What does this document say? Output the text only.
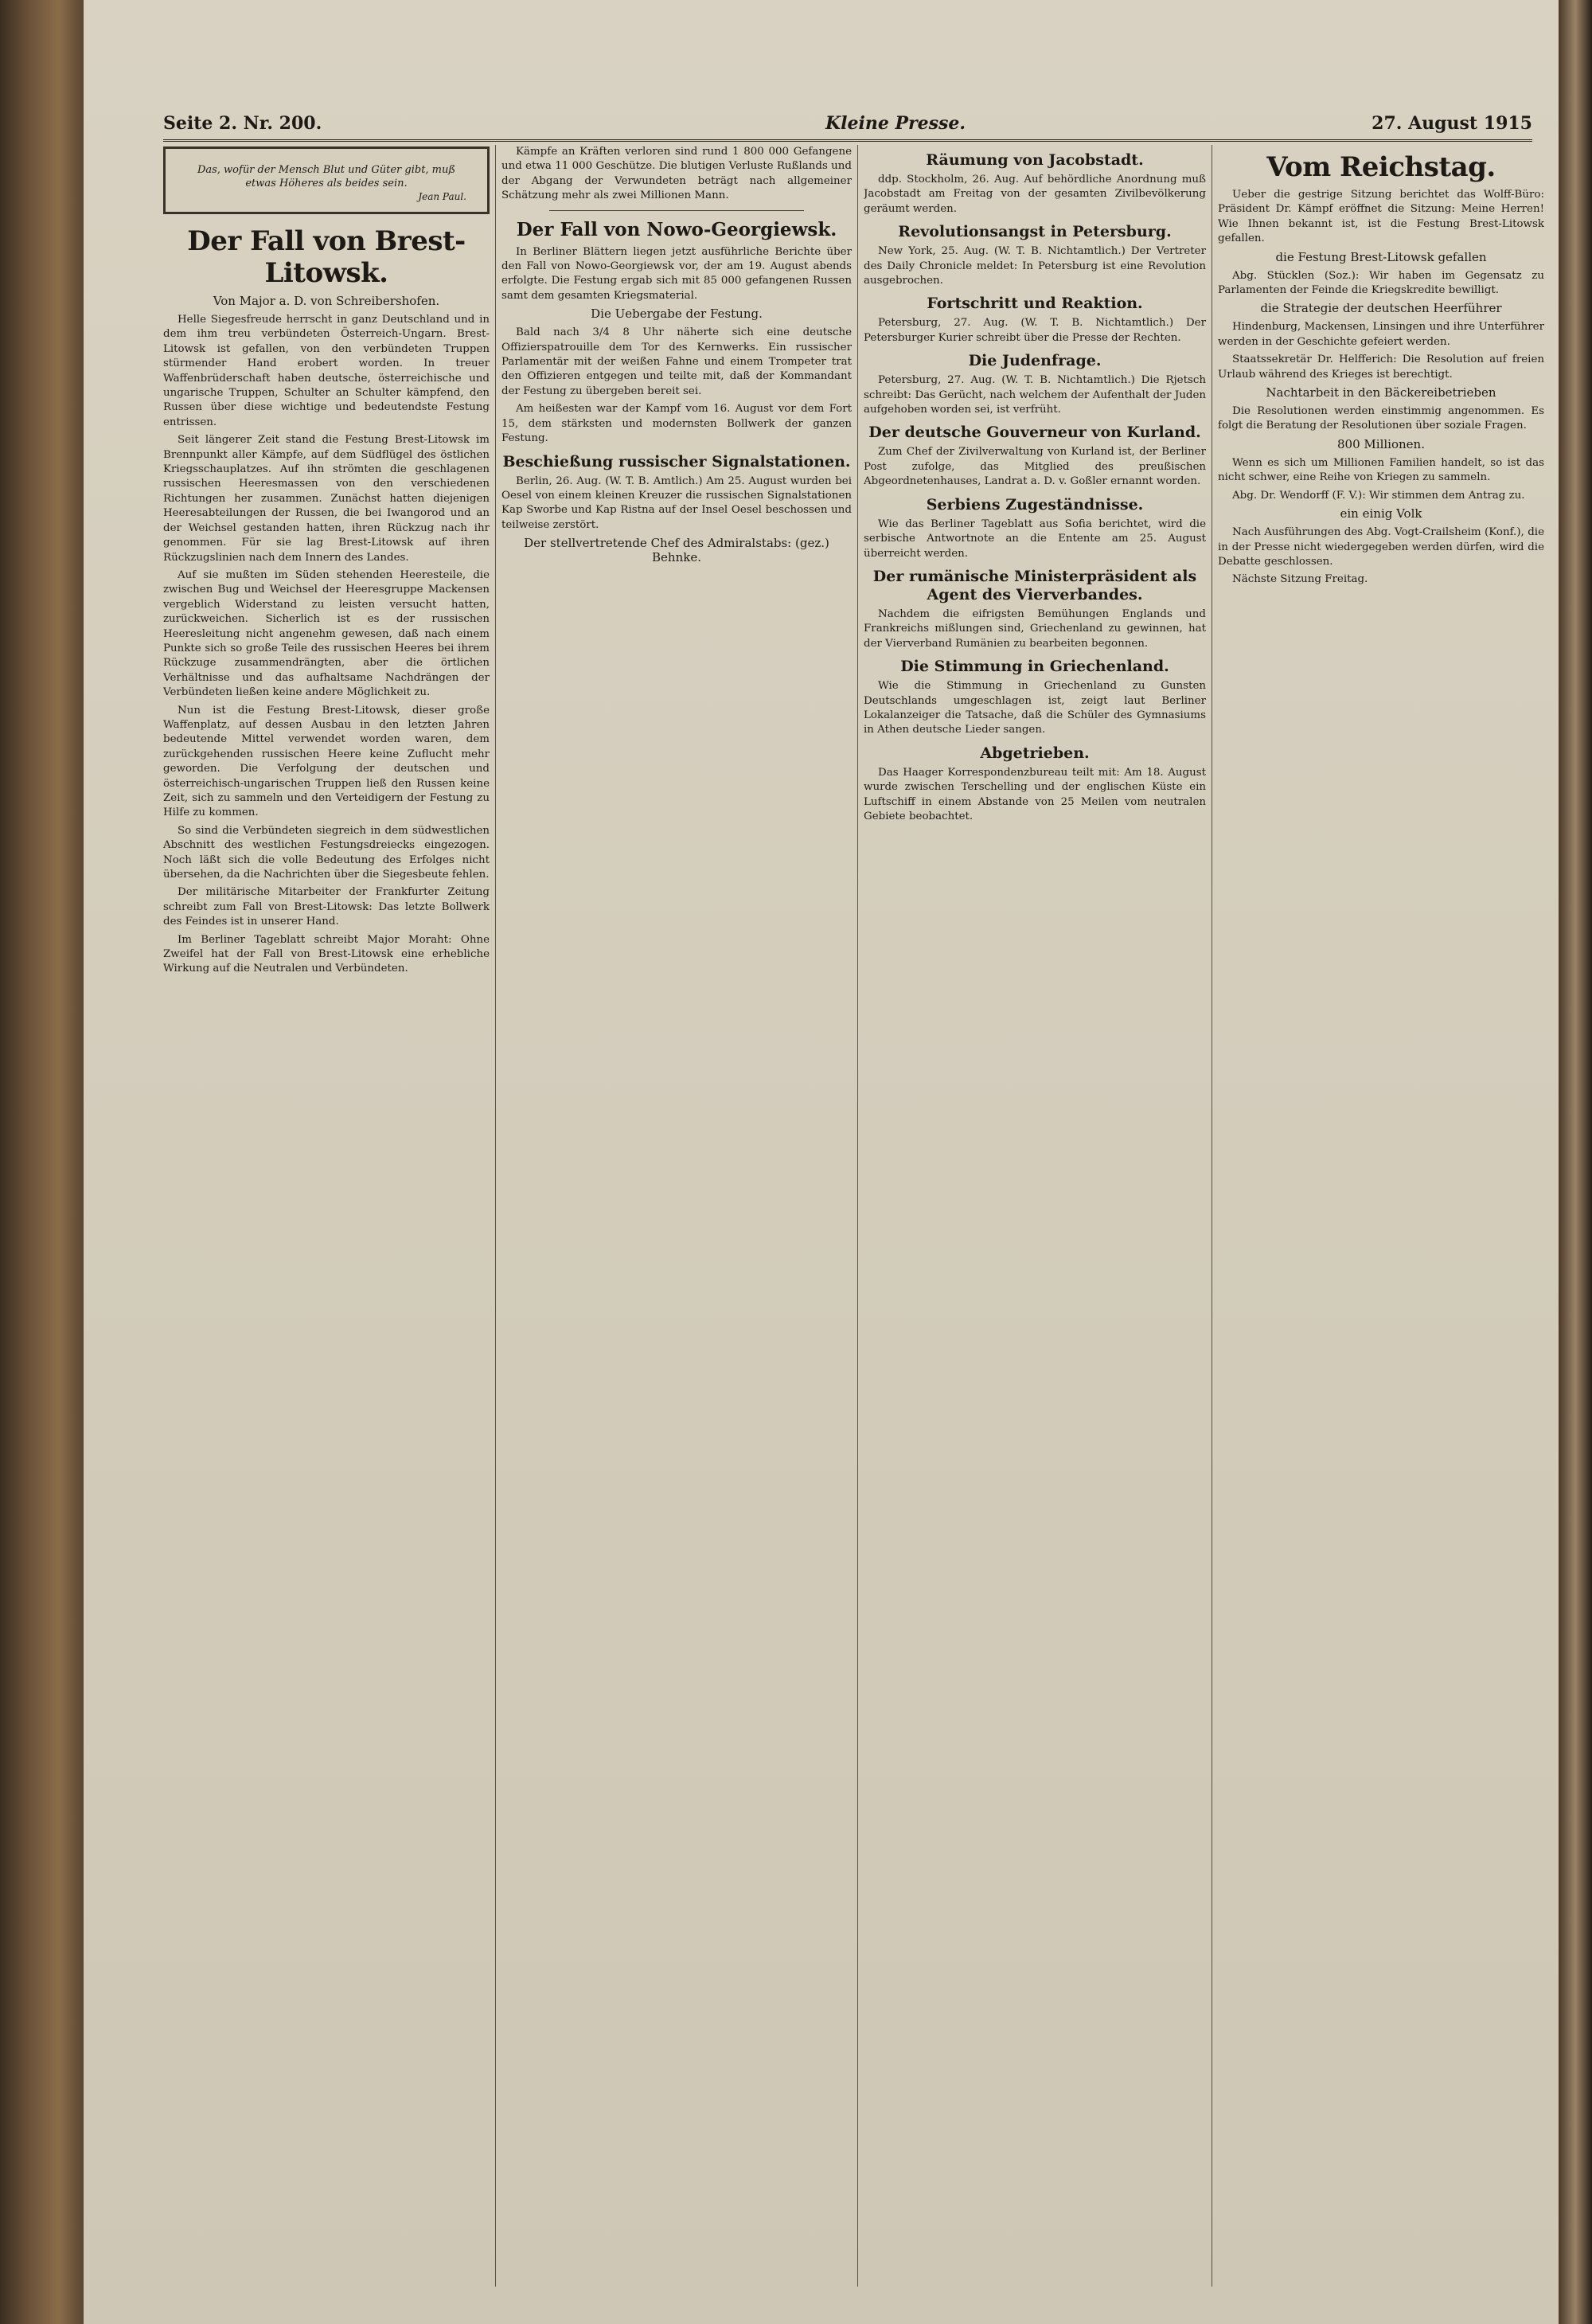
Seite 2. Nr. 200.	Kleine Presse.	27. August 1915
Das, wofür der Mensch Blut und Güter gibt, muß etwas Höheres als beides sein.
Jean Paul.
Der Fall von Brest-Litowsk.
Von Major a. D. von Schreibershofen.

Helle Siegesfreude herrscht in ganz Deutschland und in dem ihm treu verbündeten Österreich-Ungarn. Brest-Litowsk ist gefallen, von den verbündeten Truppen stürmender Hand erobert worden. In treuer Waffenbrüderschaft haben deutsche, österreichische und ungarische Truppen, Schulter an Schulter kämpfend, den Russen über diese wichtige und bedeutendste Festung entrissen.

Seit längerer Zeit stand die Festung Brest-Litowsk im Brennpunkt aller Kämpfe, auf dem Südflügel des östlichen Kriegsschauplatzes. Auf ihn strömten die geschlagenen russischen Heeresmassen von den verschiedenen Richtungen her zusammen. Zunächst hatten diejenigen Heeresabteilungen der Russen, die bei Iwangorod und an der Weichsel gestanden hatten, ihren Rückzug nach ihr genommen. Für sie lag Brest-Litowsk auf ihren Rückzugslinien nach dem Innern des Landes.

Auf sie mußten im Süden stehenden Heeresteile, die zwischen Bug und Weichsel der Heeresgruppe Mackensen vergeblich Widerstand zu leisten versucht hatten, zurückweichen. Sicherlich ist es der russischen Heeresleitung nicht angenehm gewesen, daß nach einem Punkte sich so große Teile des russischen Heeres bei ihrem Rückzuge zusammendrängten, aber die örtlichen Verhältnisse und das aufhaltsame Nachdrängen der Verbündeten ließen keine andere Möglichkeit zu.

Nun ist die Festung Brest-Litowsk, dieser große Waffenplatz, auf dessen Ausbau in den letzten Jahren bedeutende Mittel verwendet worden waren, dem zurückgehenden russischen Heere keine Zuflucht mehr geworden. Die Verfolgung der deutschen und österreichisch-ungarischen Truppen ließ den Russen keine Zeit, sich zu sammeln und den Verteidigern der Festung zu Hilfe zu kommen.

So sind die Verbündeten siegreich in dem südwestlichen Abschnitt des westlichen Festungsdreiecks eingezogen. Noch läßt sich die volle Bedeutung des Erfolges nicht übersehen, da die Nachrichten über die Siegesbeute fehlen.

Der militärische Mitarbeiter der Frankfurter Zeitung schreibt zum Fall von Brest-Litowsk: Das letzte Bollwerk des Feindes ist in unserer Hand.

Im Berliner Tageblatt schreibt Major Moraht: Ohne Zweifel hat der Fall von Brest-Litowsk eine erhebliche Wirkung auf die Neutralen und Verbündeten.

Kämpfe an Kräften verloren sind rund 1 800 000 Gefangene und etwa 11 000 Geschütze. Die blutigen Verluste Rußlands und der Abgang der Verwundeten beträgt nach allgemeiner Schätzung mehr als zwei Millionen Mann.

Der Fall von Nowo-Georgiewsk.

In Berliner Blättern liegen jetzt ausführliche Berichte über den Fall von Nowo-Georgiewsk vor, der am 19. August abends erfolgte. Die Festung ergab sich mit 85 000 gefangenen Russen samt dem gesamten Kriegsmaterial.

Die Uebergabe der Festung.

Bald nach 3/4 8 Uhr näherte sich eine deutsche Offizierspatrouille dem Tor des Kernwerks. Ein russischer Parlamentär mit der weißen Fahne und einem Trompeter trat den Offizieren entgegen und teilte mit, daß der Kommandant der Festung zu übergeben bereit sei.

Am heißesten war der Kampf vom 16. August vor dem Fort 15, dem stärksten und modernsten Bollwerk der ganzen Festung.

Beschießung russischer Signalstationen.

Berlin, 26. Aug. (W. T. B. Amtlich.) Am 25. August wurden bei Oesel von einem kleinen Kreuzer die russischen Signalstationen Kap Sworbe und Kap Ristna auf der Insel Oesel beschossen und teilweise zerstört.

Der stellvertretende Chef des Admiralstabs: (gez.) Behnke.
Räumung von Jacobstadt.

ddp. Stockholm, 26. Aug. Auf behördliche Anordnung muß Jacobstadt am Freitag von der gesamten Zivilbevölkerung geräumt werden.

Revolutionsangst in Petersburg.

New York, 25. Aug. (W. T. B. Nichtamtlich.) Der Vertreter des Daily Chronicle meldet: In Petersburg ist eine Revolution ausgebrochen.

Fortschritt und Reaktion.

Petersburg, 27. Aug. (W. T. B. Nichtamtlich.) Der Petersburger Kurier schreibt über die Presse der Rechten.

Die Judenfrage.

Petersburg, 27. Aug. (W. T. B. Nichtamtlich.) Die Rjetsch schreibt: Das Gerücht, nach welchem der Aufenthalt der Juden aufgehoben worden sei, ist verfrüht.

Der deutsche Gouverneur von Kurland.

Zum Chef der Zivilverwaltung von Kurland ist, der Berliner Post zufolge, das Mitglied des preußischen Abgeordnetenhauses, Landrat a. D. v. Goßler ernannt worden.

Serbiens Zugeständnisse.

Wie das Berliner Tageblatt aus Sofia berichtet, wird die serbische Antwortnote an die Entente am 25. August überreicht werden.

Der rumänische Ministerpräsident als Agent des Vierverbandes.

Nachdem die eifrigsten Bemühungen Englands und Frankreichs mißlungen sind, Griechenland zu gewinnen, hat der Vierverband Rumänien zu bearbeiten begonnen.

Die Stimmung in Griechenland.

Wie die Stimmung in Griechenland zu Gunsten Deutschlands umgeschlagen ist, zeigt laut Berliner Lokalanzeiger die Tatsache, daß die Schüler des Gymnasiums in Athen deutsche Lieder sangen.

Abgetrieben.

Das Haager Korrespondenzbureau teilt mit: Am 18. August wurde zwischen Terschelling und der englischen Küste ein Luftschiff in einem Abstande von 25 Meilen vom neutralen Gebiete beobachtet.

Vom Reichstag.

Ueber die gestrige Sitzung berichtet das Wolff-Büro: Präsident Dr. Kämpf eröffnet die Sitzung: Meine Herren! Wie Ihnen bekannt ist, ist die Festung Brest-Litowsk gefallen.

die Festung Brest-Litowsk gefallen

Abg. Stücklen (Soz.): Wir haben im Gegensatz zu Parlamenten der Feinde die Kriegskredite bewilligt.

die Strategie der deutschen Heerführer

Hindenburg, Mackensen, Linsingen und ihre Unterführer werden in der Geschichte gefeiert werden.

Staatssekretär Dr. Helfferich: Die Resolution auf freien Urlaub während des Krieges ist berechtigt.

Nachtarbeit in den Bäckereibetrieben

Die Resolutionen werden einstimmig angenommen. Es folgt die Beratung der Resolutionen über soziale Fragen.

800 Millionen.

Wenn es sich um Millionen Familien handelt, so ist das nicht schwer, eine Reihe von Kriegen zu sammeln.

Abg. Dr. Wendorff (F. V.): Wir stimmen dem Antrag zu.

ein einig Volk

Nach Ausführungen des Abg. Vogt-Crailsheim (Konf.), die in der Presse nicht wiedergegeben werden dürfen, wird die Debatte geschlossen.

Nächste Sitzung Freitag.
